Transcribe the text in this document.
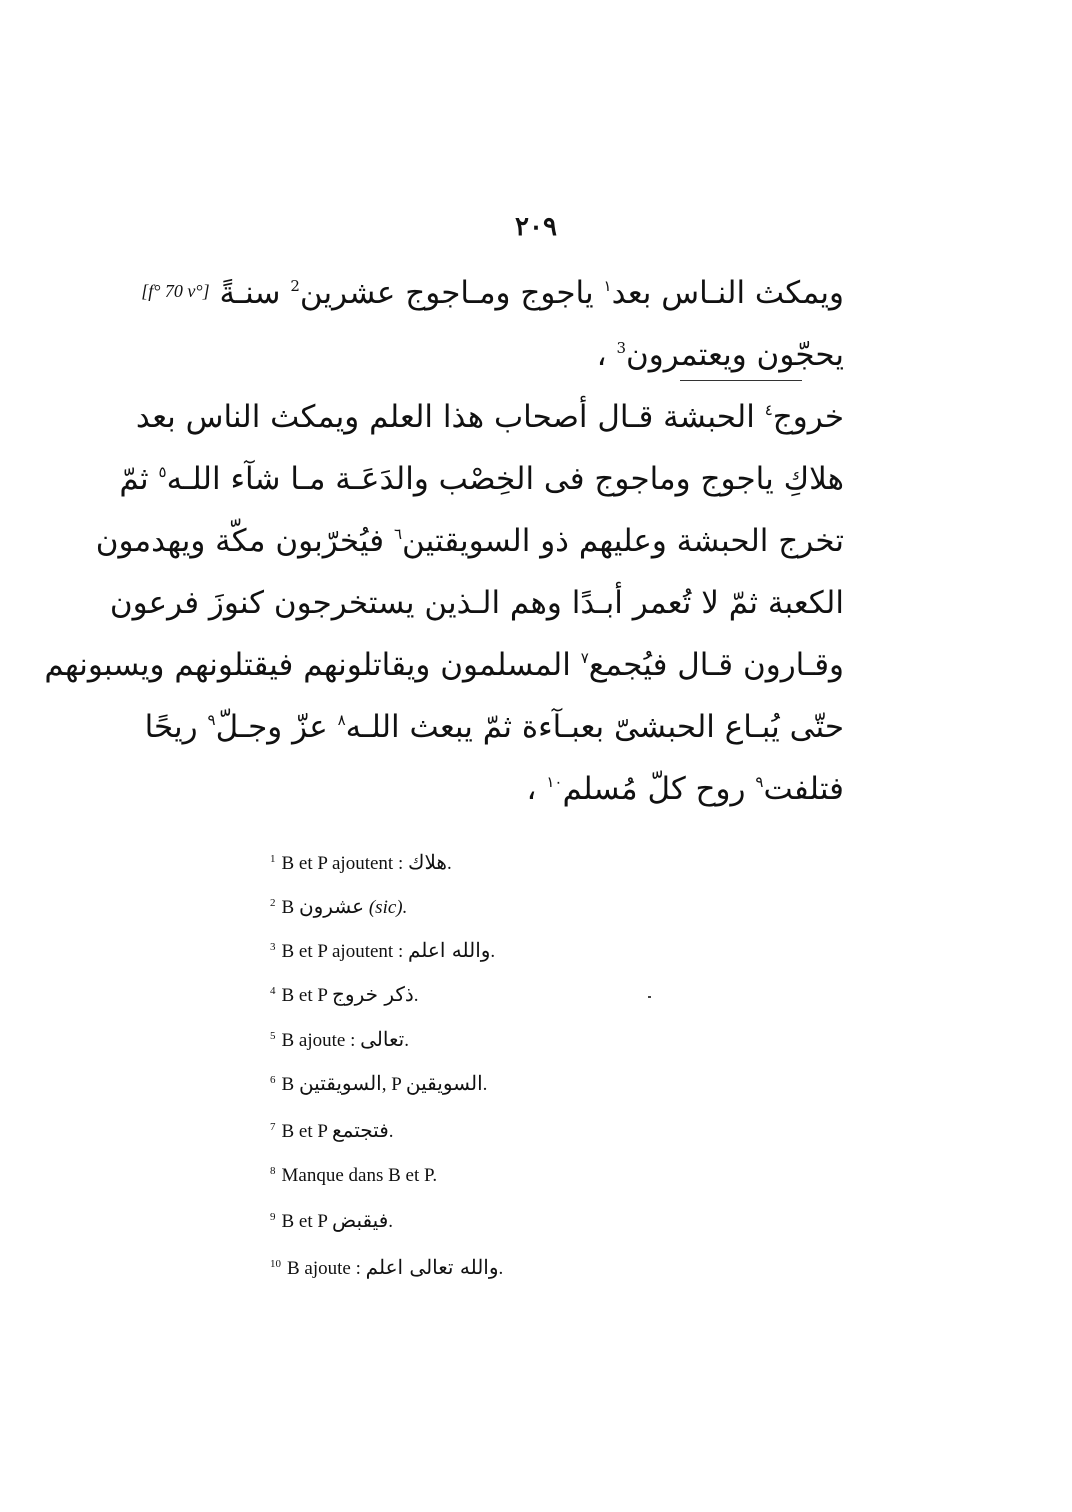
٢٠٩
ويمكث النـاس بعد$^١$ ياجوج ومـاجوج عشرين$^2$ سنـةً [f° 70 v°]
يحجّون ويعتمرون$^3$ ،
خروج$^٤$ الحبشة قـال أصحاب هذا العلم ويمكث الناس بعد
هلاكِ ياجوج وماجوج فى الخِصْب والدَعَـة مـا شآء اللـه$^٥$ ثمّ
تخرج الحبشة وعليهم ذو السويقتين$^٦$ فيُخرّبون مكّة ويهدمون
الكعبة ثمّ لا تُعمر أبـدًا وهم الـذين يستخرجون كنوزَ فرعون
وقـارون قـال فيُجمع$^٧$ المسلمون ويقاتلونهم فيقتلونهم ويسبونهم
حتّى يُبـاع الحبشىّ بعبـآءة ثمّ يبعث اللـه$^٨$ عزّ وجـلّ$^٩$ ريحًا
فتلفت$^٩$ روح كلّ مُسلم$^{١٠}$ ،
$^1$ B et P ajoutent : هلاك.
$^2$ B عشرون (sic).
$^3$ B et P ajoutent : والله اعلم.
$^4$ B et P ذكر خروج.
$^5$ B ajoute : تعالى.
$^6$ B السويقتين, P السويقين.
$^7$ B et P فتجتمع.
$^8$ Manque dans B et P.
$^9$ B et P فيقبض.
$^{10}$ B ajoute : والله تعالى اعلم.
